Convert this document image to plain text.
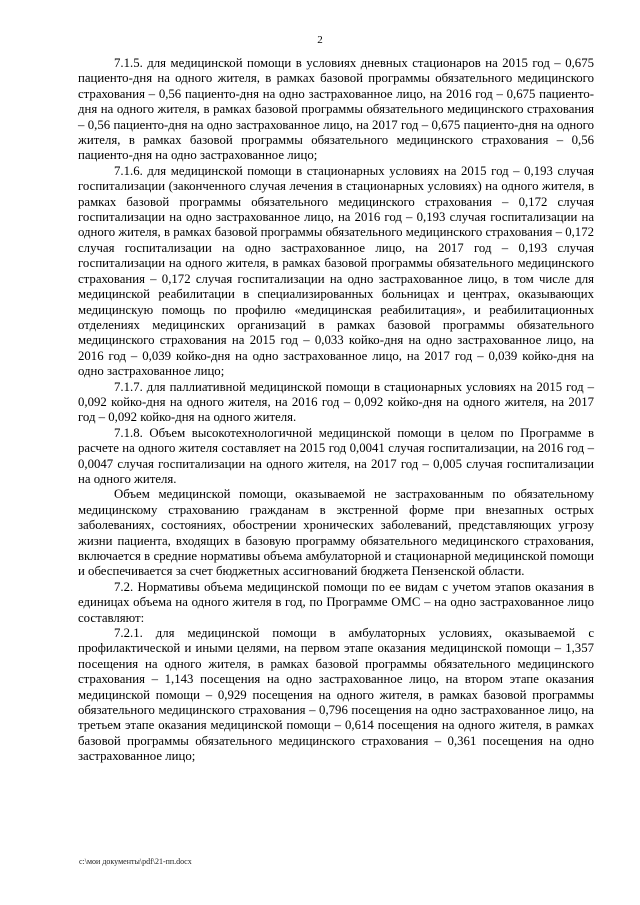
2

7.1.5. для медицинской помощи в условиях дневных стационаров на 2015 год – 0,675 пациенто-дня на одного жителя, в рамках базовой программы обязательного медицинского страхования – 0,56 пациенто-дня на одно застрахованное лицо, на 2016 год – 0,675 пациенто-дня на одного жителя, в рамках базовой программы обязательного медицинского страхования – 0,56 пациенто-дня на одно застрахованное лицо, на 2017 год – 0,675 пациенто-дня на одного жителя, в рамках базовой программы обязательного медицинского страхования – 0,56 пациенто-дня на одно застрахованное лицо;

7.1.6. для медицинской помощи в стационарных условиях на 2015 год – 0,193 случая госпитализации (законченного случая лечения в стационарных условиях) на одного жителя, в рамках базовой программы обязательного медицинского страхования – 0,172 случая госпитализации на одно застрахованное лицо, на 2016 год – 0,193 случая госпитализации на одного жителя, в рамках базовой программы обязательного медицинского страхования – 0,172 случая госпитализации на одно застрахованное лицо, на 2017 год – 0,193 случая госпитализации на одного жителя, в рамках базовой программы обязательного медицинского страхования – 0,172 случая госпитализации на одно застрахованное лицо, в том числе для медицинской реабилитации в специализированных больницах и центрах, оказывающих медицинскую помощь по профилю «медицинская реабилитация», и реабилитационных отделениях медицинских организаций в рамках базовой программы обязательного медицинского страхования на 2015 год – 0,033 койко-дня на одно застрахованное лицо, на 2016 год – 0,039 койко-дня на одно застрахованное лицо, на 2017 год – 0,039 койко-дня на одно застрахованное лицо;

7.1.7. для паллиативной медицинской помощи в стационарных условиях на 2015 год – 0,092 койко-дня на одного жителя, на 2016 год – 0,092 койко-дня на одного жителя, на 2017 год – 0,092 койко-дня на одного жителя.

7.1.8. Объем высокотехнологичной медицинской помощи в целом по Программе в расчете на одного жителя составляет на 2015 год 0,0041 случая госпитализации, на 2016 год – 0,0047 случая госпитализации на одного жителя, на 2017 год – 0,005 случая госпитализации на одного жителя.

Объем медицинской помощи, оказываемой не застрахованным по обязательному медицинскому страхованию гражданам в экстренной форме при внезапных острых заболеваниях, состояниях, обострении хронических заболеваний, представляющих угрозу жизни пациента, входящих в базовую программу обязательного медицинского страхования, включается в средние нормативы объема амбулаторной и стационарной медицинской помощи и обеспечивается за счет бюджетных ассигнований бюджета Пензенской области.

7.2. Нормативы объема медицинской помощи по ее видам с учетом этапов оказания в единицах объема на одного жителя в год, по Программе ОМС – на одно застрахованное лицо составляют:

7.2.1. для медицинской помощи в амбулаторных условиях, оказываемой с профилактической и иными целями, на первом этапе оказания медицинской помощи – 1,357 посещения на одного жителя, в рамках базовой программы обязательного медицинского страхования – 1,143 посещения на одно застрахованное лицо, на втором этапе оказания медицинской помощи – 0,929 посещения на одного жителя, в рамках базовой программы обязательного медицинского страхования – 0,796 посещения на одно застрахованное лицо, на третьем этапе оказания медицинской помощи – 0,614 посещения на одного жителя, в рамках базовой программы обязательного медицинского страхования – 0,361 посещения на одно застрахованное лицо;

c:\мои документы\pdf\21-пп.docx
